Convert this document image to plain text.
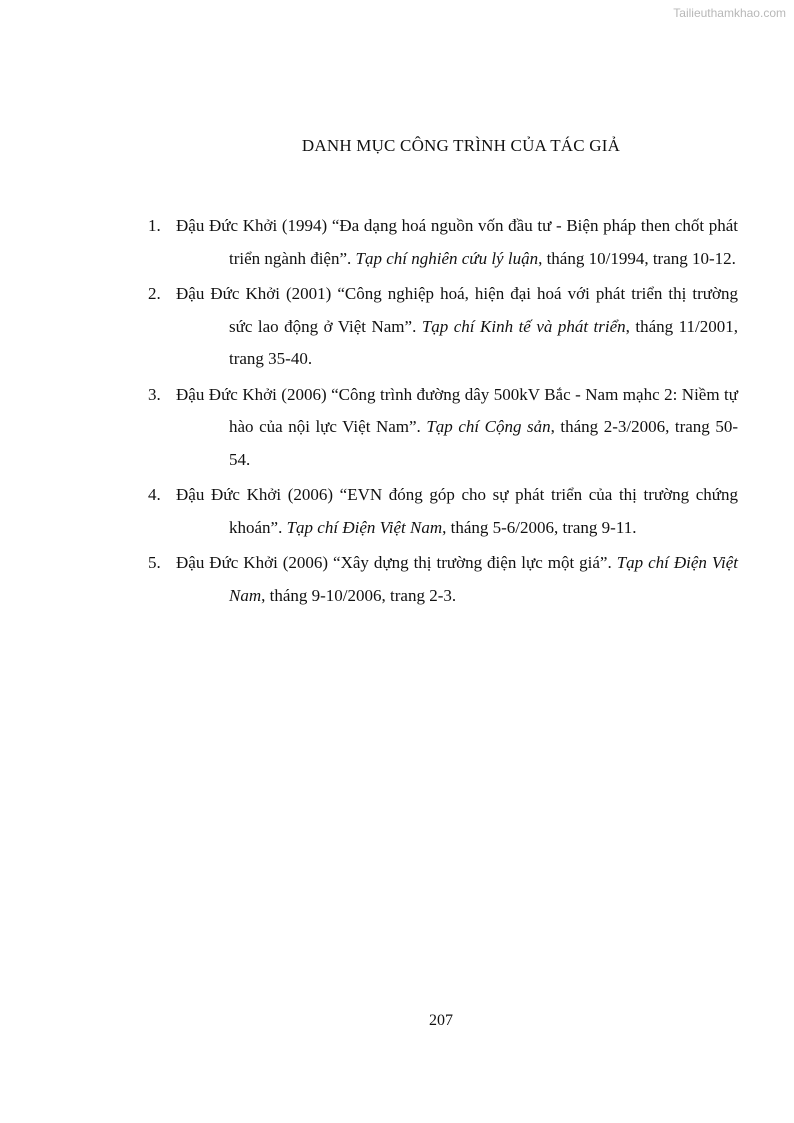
Tailieuthamkhao.com
DANH MỤC CÔNG TRÌNH CỦA TÁC GIẢ
1. Đậu Đức Khởi (1994) “Đa dạng hoá nguồn vốn đầu tư - Biện pháp then chốt phát triển ngành điện”. Tạp chí nghiên cứu lý luận, tháng 10/1994, trang 10-12.
2. Đậu Đức Khởi (2001) “Công nghiệp hoá, hiện đại hoá với phát triển thị trường sức lao động ở Việt Nam”. Tạp chí Kinh tế và phát triển, tháng 11/2001, trang 35-40.
3. Đậu Đức Khởi (2006) “Công trình đường dây 500kV Bắc - Nam mạhc 2: Niềm tự hào của nội lực Việt Nam”. Tạp chí Cộng sản, tháng 2-3/2006, trang 50-54.
4. Đậu Đức Khởi (2006) “EVN đóng góp cho sự phát triển của thị trường chứng khoán”. Tạp chí Điện Việt Nam, tháng 5-6/2006, trang 9-11.
5. Đậu Đức Khởi (2006) “Xây dựng thị trường điện lực một giá”. Tạp chí Điện Việt Nam, tháng 9-10/2006, trang 2-3.
207
